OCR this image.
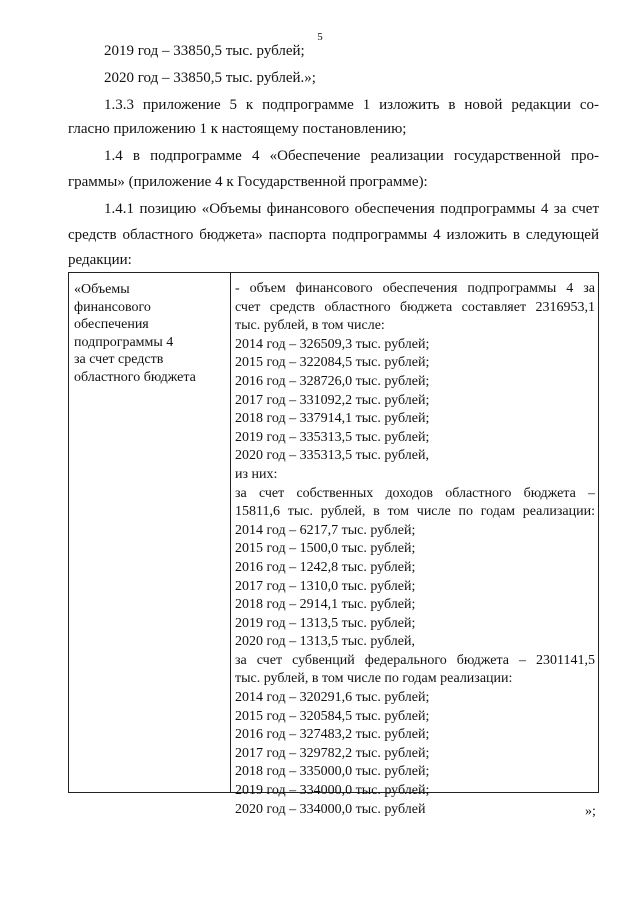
5
2019 год – 33850,5 тыс. рублей;
2020 год – 33850,5 тыс. рублей.»;
1.3.3 приложение 5 к подпрограмме 1 изложить в новой редакции со-
гласно приложению 1 к настоящему постановлению;
1.4 в подпрограмме 4 «Обеспечение реализации государственной про-
граммы» (приложение 4 к Государственной программе):
1.4.1 позицию «Объемы финансового обеспечения подпрограммы 4 за счет
средств областного бюджета» паспорта подпрограммы 4 изложить в следующей
редакции:
«Объемы
финансового
обеспечения
подпрограммы 4
за счет средств
областного бюджета
- объем финансового обеспечения подпрограммы 4 за
счет средств областного бюджета составляет 2316953,1
тыс. рублей, в том числе:
2014 год – 326509,3 тыс. рублей;
2015 год – 322084,5 тыс. рублей;
2016 год – 328726,0 тыс. рублей;
2017 год – 331092,2 тыс. рублей;
2018 год – 337914,1 тыс. рублей;
2019 год – 335313,5 тыс. рублей;
2020 год – 335313,5 тыс. рублей,
из них:
за счет собственных доходов областного бюджета –
15811,6 тыс. рублей, в том числе по годам реализации:
2014 год – 6217,7 тыс. рублей;
2015 год – 1500,0 тыс. рублей;
2016 год – 1242,8 тыс. рублей;
2017 год – 1310,0 тыс. рублей;
2018 год – 2914,1 тыс. рублей;
2019 год – 1313,5 тыс. рублей;
2020 год – 1313,5 тыс. рублей,
за счет субвенций федерального бюджета – 2301141,5
тыс. рублей, в том числе по годам реализации:
2014 год – 320291,6 тыс. рублей;
2015 год – 320584,5 тыс. рублей;
2016 год – 327483,2 тыс. рублей;
2017 год – 329782,2 тыс. рублей;
2018 год – 335000,0 тыс. рублей;
2019 год – 334000,0 тыс. рублей;
2020 год – 334000,0 тыс. рублей	»;
